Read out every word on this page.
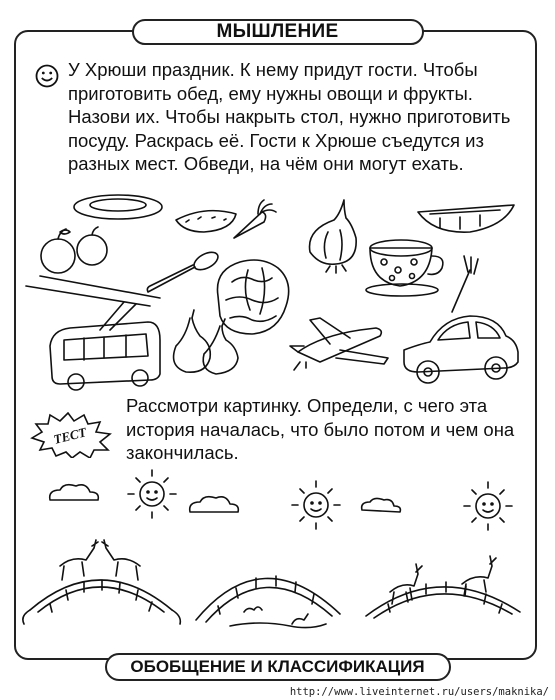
МЫШЛЕНИЕ
У Хрюши праздник. К нему придут гости. Чтобы приготовить обед, ему нужны овощи и фрукты. Назови их. Чтобы накрыть стол, нужно приготовить посуду. Раскрась её. Гости к Хрюше съедутся из разных мест. Обведи, на чём они могут ехать.
ТЕСТ
Рассмотри картинку. Определи, с чего эта история началась, что было потом и чем она закончилась.
ОБОБЩЕНИЕ И КЛАССИФИКАЦИЯ
http://www.liveinternet.ru/users/maknika/
